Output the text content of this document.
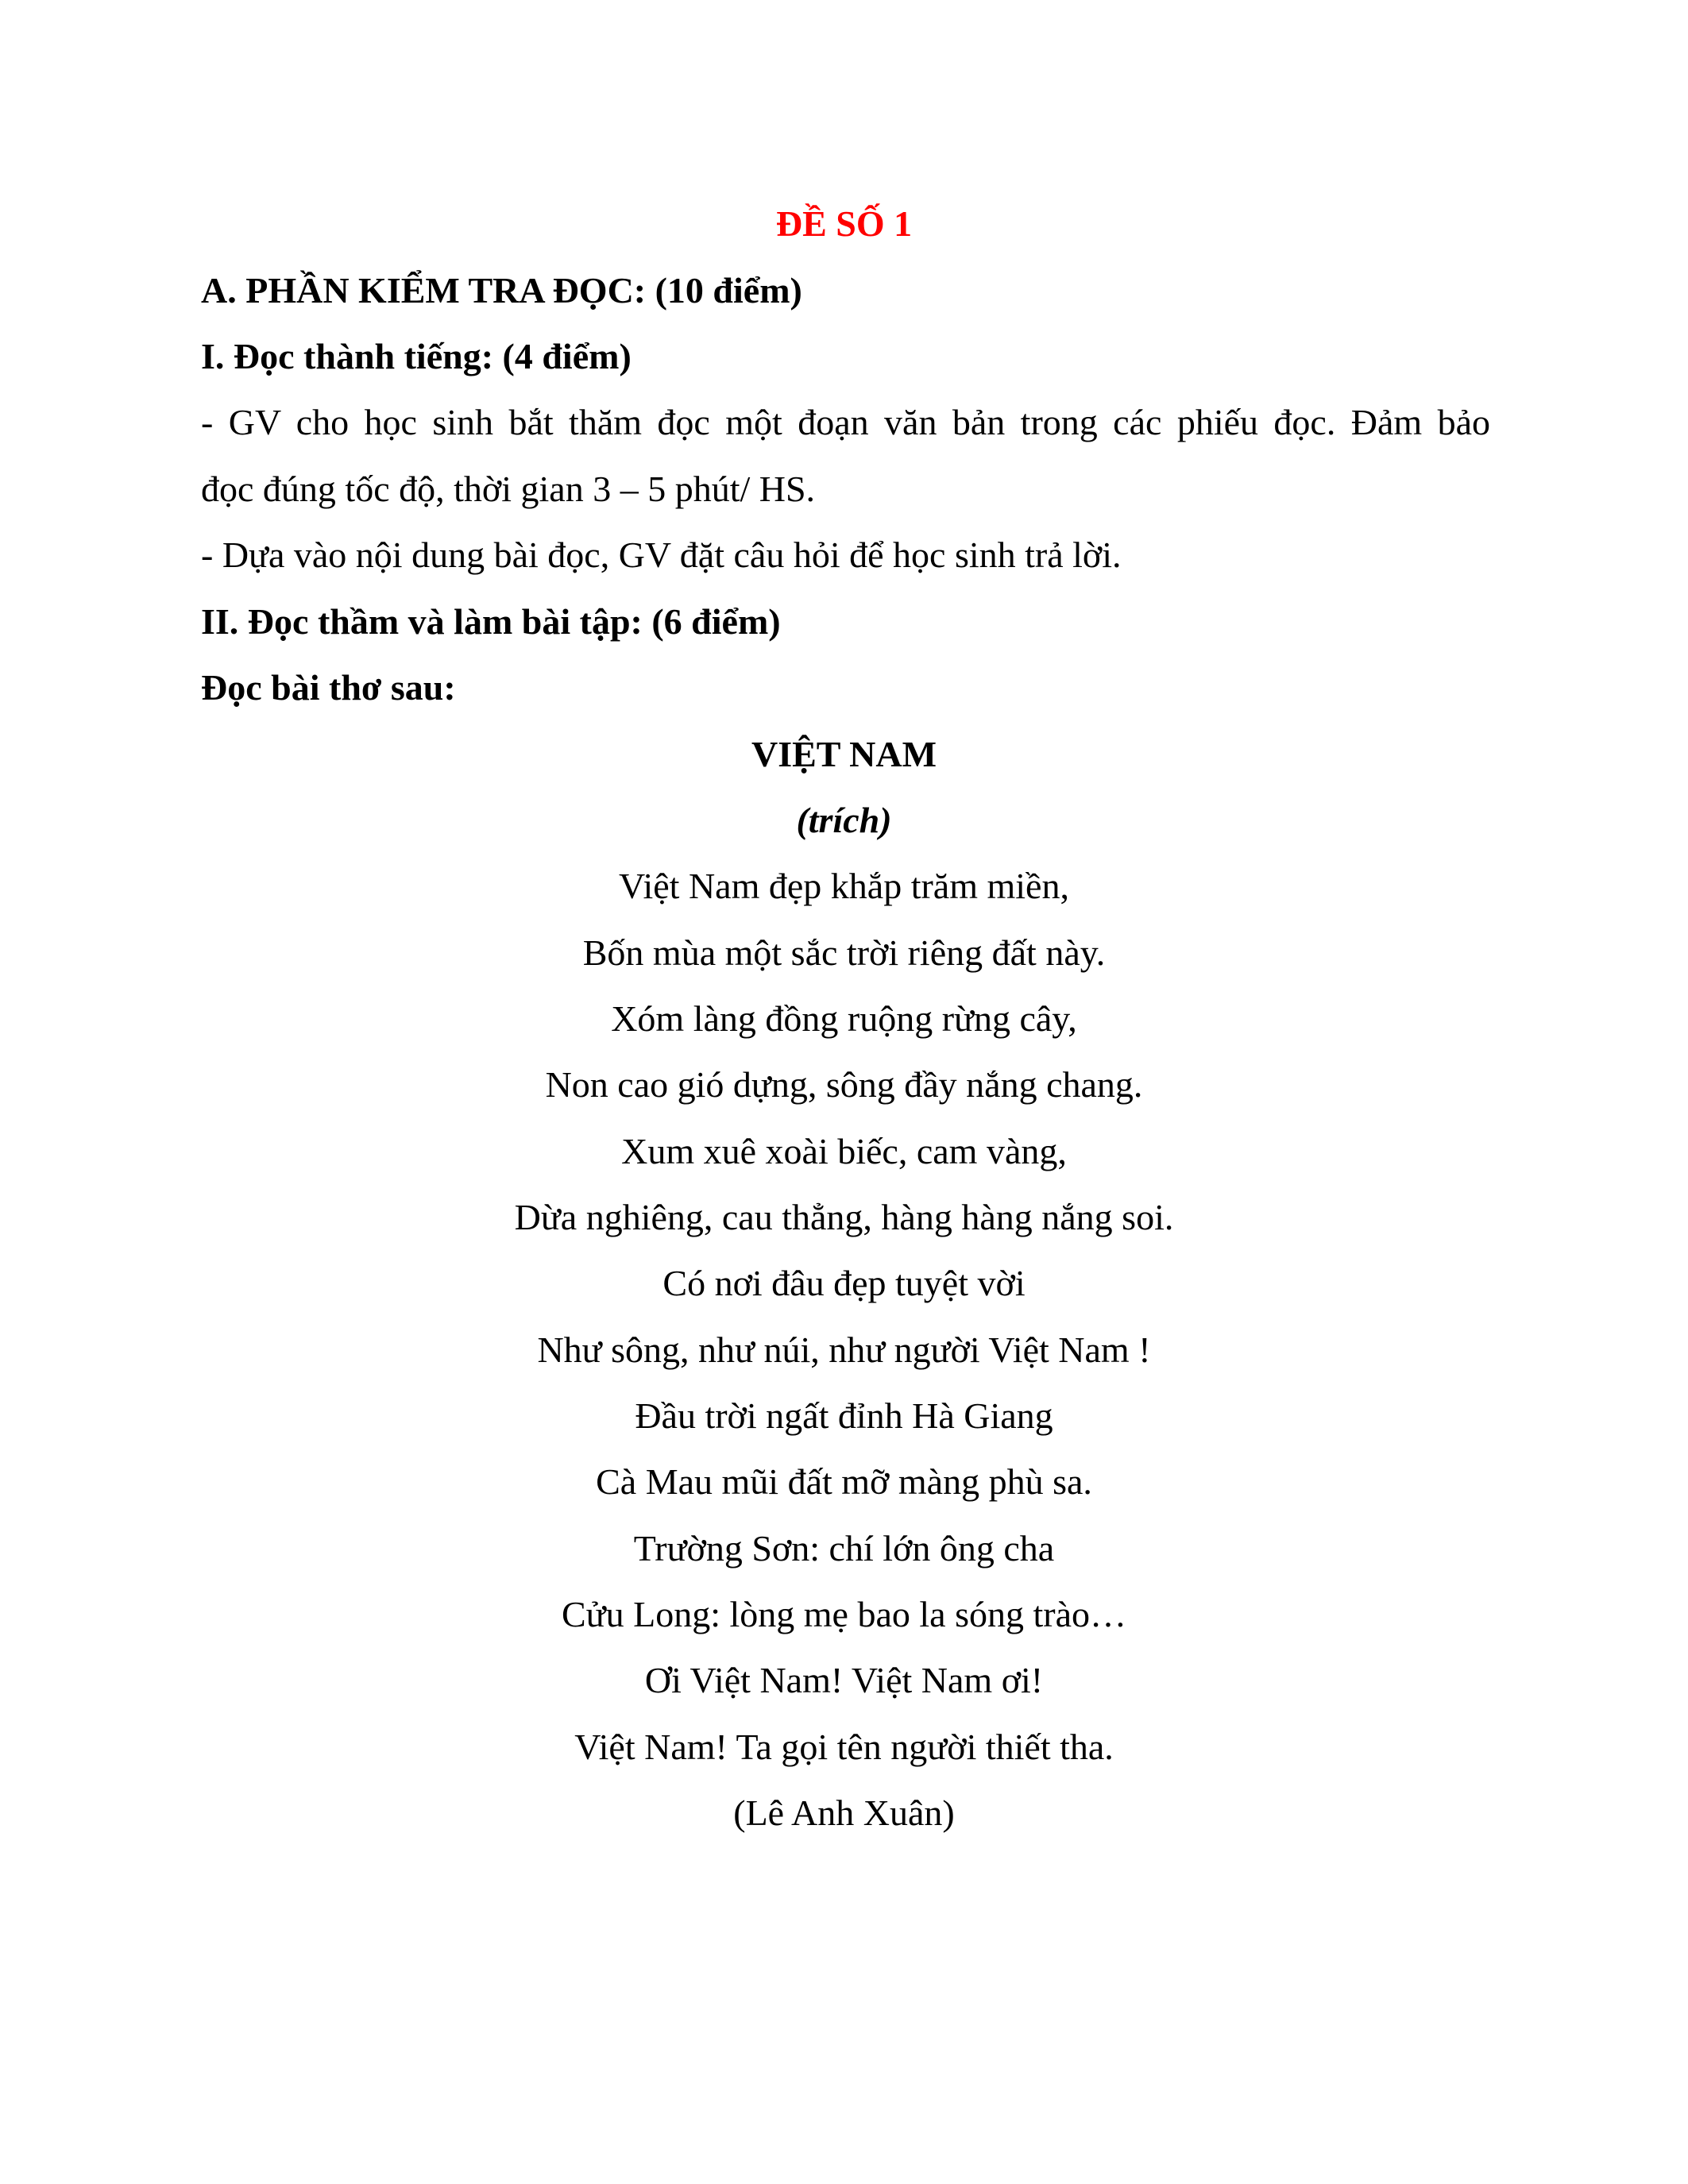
ĐỀ SỐ 1
A. PHẦN KIỂM TRA ĐỌC: (10 điểm)
I. Đọc thành tiếng: (4 điểm)
- GV cho học sinh bắt thăm đọc một đoạn văn bản trong các phiếu đọc. Đảm bảo
đọc đúng tốc độ, thời gian 3 – 5 phút/ HS.
- Dựa vào nội dung bài đọc, GV đặt câu hỏi để học sinh trả lời.
II. Đọc thầm và làm bài tập: (6 điểm)
Đọc bài thơ sau:
VIỆT NAM
(trích)
Việt Nam đẹp khắp trăm miền,
Bốn mùa một sắc trời riêng đất này.
Xóm làng đồng ruộng rừng cây,
Non cao gió dựng, sông đầy nắng chang.
Xum xuê xoài biếc, cam vàng,
Dừa nghiêng, cau thẳng, hàng hàng nắng soi.
Có nơi đâu đẹp tuyệt vời
Như sông, như núi, như người Việt Nam !
Đầu trời ngất đỉnh Hà Giang
Cà Mau mũi đất mỡ màng phù sa.
Trường Sơn: chí lớn ông cha
Cửu Long: lòng mẹ bao la sóng trào…
Ơi Việt Nam! Việt Nam ơi!
Việt Nam! Ta gọi tên người thiết tha.
(Lê Anh Xuân)
